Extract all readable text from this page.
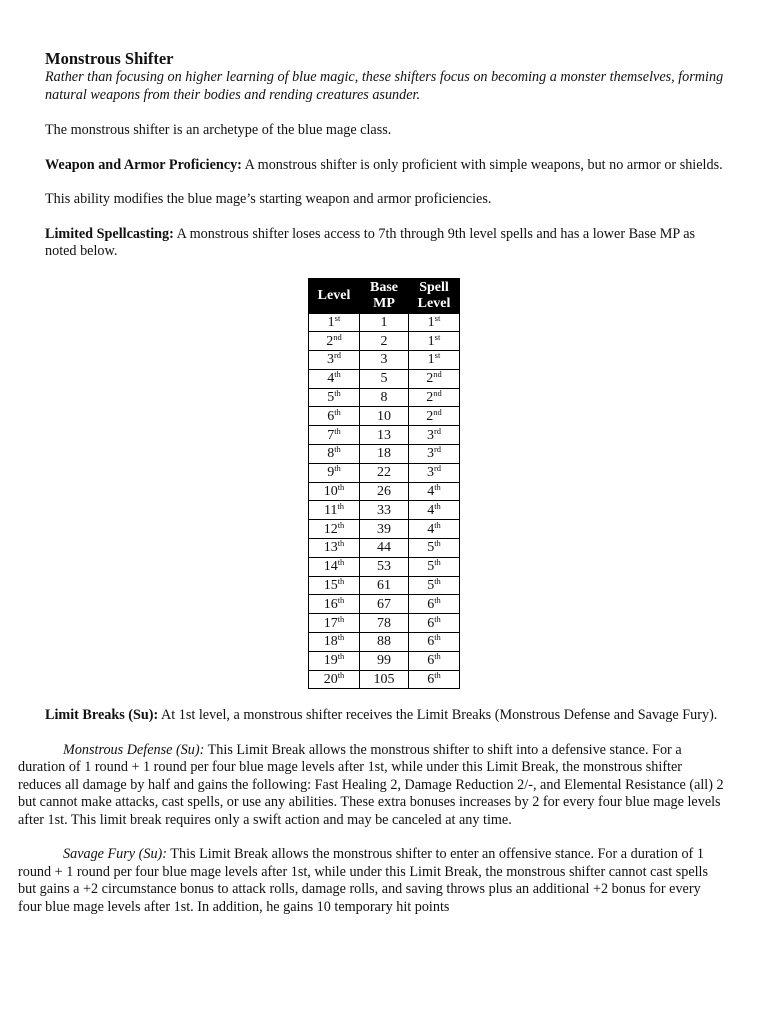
Monstrous Shifter

Rather than focusing on higher learning of blue magic, these shifters focus on becoming a monster themselves, forming natural weapons from their bodies and rending creatures asunder.

The monstrous shifter is an archetype of the blue mage class.

Weapon and Armor Proficiency: A monstrous shifter is only proficient with simple weapons, but no armor or shields.

This ability modifies the blue mage’s starting weapon and armor proficiencies.

Limited Spellcasting: A monstrous shifter loses access to 7th through 9th level spells and has a lower Base MP as noted below.

Level	Base MP	Spell Level
1st	1	1st
2nd	2	1st
3rd	3	1st
4th	5	2nd
5th	8	2nd
6th	10	2nd
7th	13	3rd
8th	18	3rd
9th	22	3rd
10th	26	4th
11th	33	4th
12th	39	4th
13th	44	5th
14th	53	5th
15th	61	5th
16th	67	6th
17th	78	6th
18th	88	6th
19th	99	6th
20th	105	6th

Limit Breaks (Su): At 1st level, a monstrous shifter receives the Limit Breaks (Monstrous Defense and Savage Fury).

Monstrous Defense (Su): This Limit Break allows the monstrous shifter to shift into a defensive stance. For a duration of 1 round + 1 round per four blue mage levels after 1st, while under this Limit Break, the monstrous shifter reduces all damage by half and gains the following: Fast Healing 2, Damage Reduction 2/-, and Elemental Resistance (all) 2 but cannot make attacks, cast spells, or use any abilities. These extra bonuses increases by 2 for every four blue mage levels after 1st. This limit break requires only a swift action and may be canceled at any time.

Savage Fury (Su): This Limit Break allows the monstrous shifter to enter an offensive stance. For a duration of 1 round + 1 round per four blue mage levels after 1st, while under this Limit Break, the monstrous shifter cannot cast spells but gains a +2 circumstance bonus to attack rolls, damage rolls, and saving throws plus an additional +2 bonus for every four blue mage levels after 1st. In addition, he gains 10 temporary hit points
